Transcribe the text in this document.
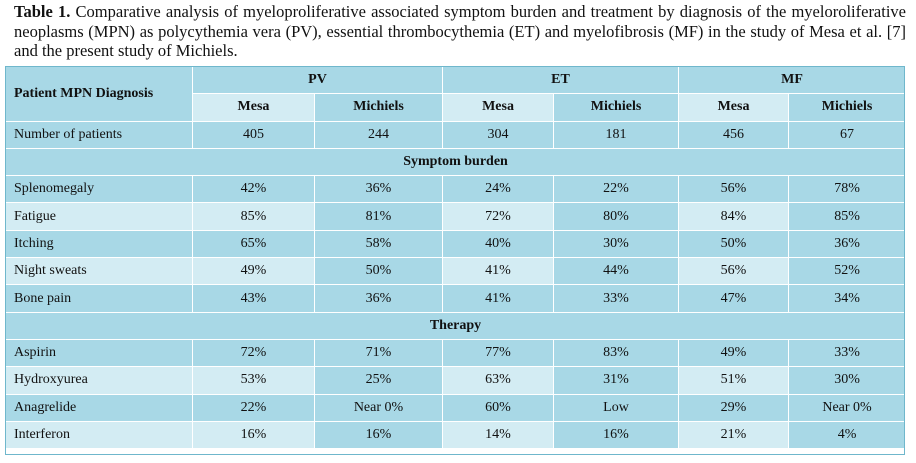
Table 1. Comparative analysis of myeloproliferative associated symptom burden and treatment by diagnosis of the myeloroliferative neoplasms (MPN) as polycythemia vera (PV), essential thrombocythemia (ET) and myelofibrosis (MF) in the study of Mesa et al. [7] and the present study of Michiels.
Patient MPN Diagnosis	PV		ET		MF	
	Mesa	Michiels	Mesa	Michiels	Mesa	Michiels
Number of patients	405	244	304	181	456	67
Symptom burden						
Splenomegaly	42%	36%	24%	22%	56%	78%
Fatigue	85%	81%	72%	80%	84%	85%
Itching	65%	58%	40%	30%	50%	36%
Night sweats	49%	50%	41%	44%	56%	52%
Bone pain	43%	36%	41%	33%	47%	34%
Therapy						
Aspirin	72%	71%	77%	83%	49%	33%
Hydroxyurea	53%	25%	63%	31%	51%	30%
Anagrelide	22%	Near 0%	60%	Low	29%	Near 0%
Interferon	16%	16%	14%	16%	21%	4%
